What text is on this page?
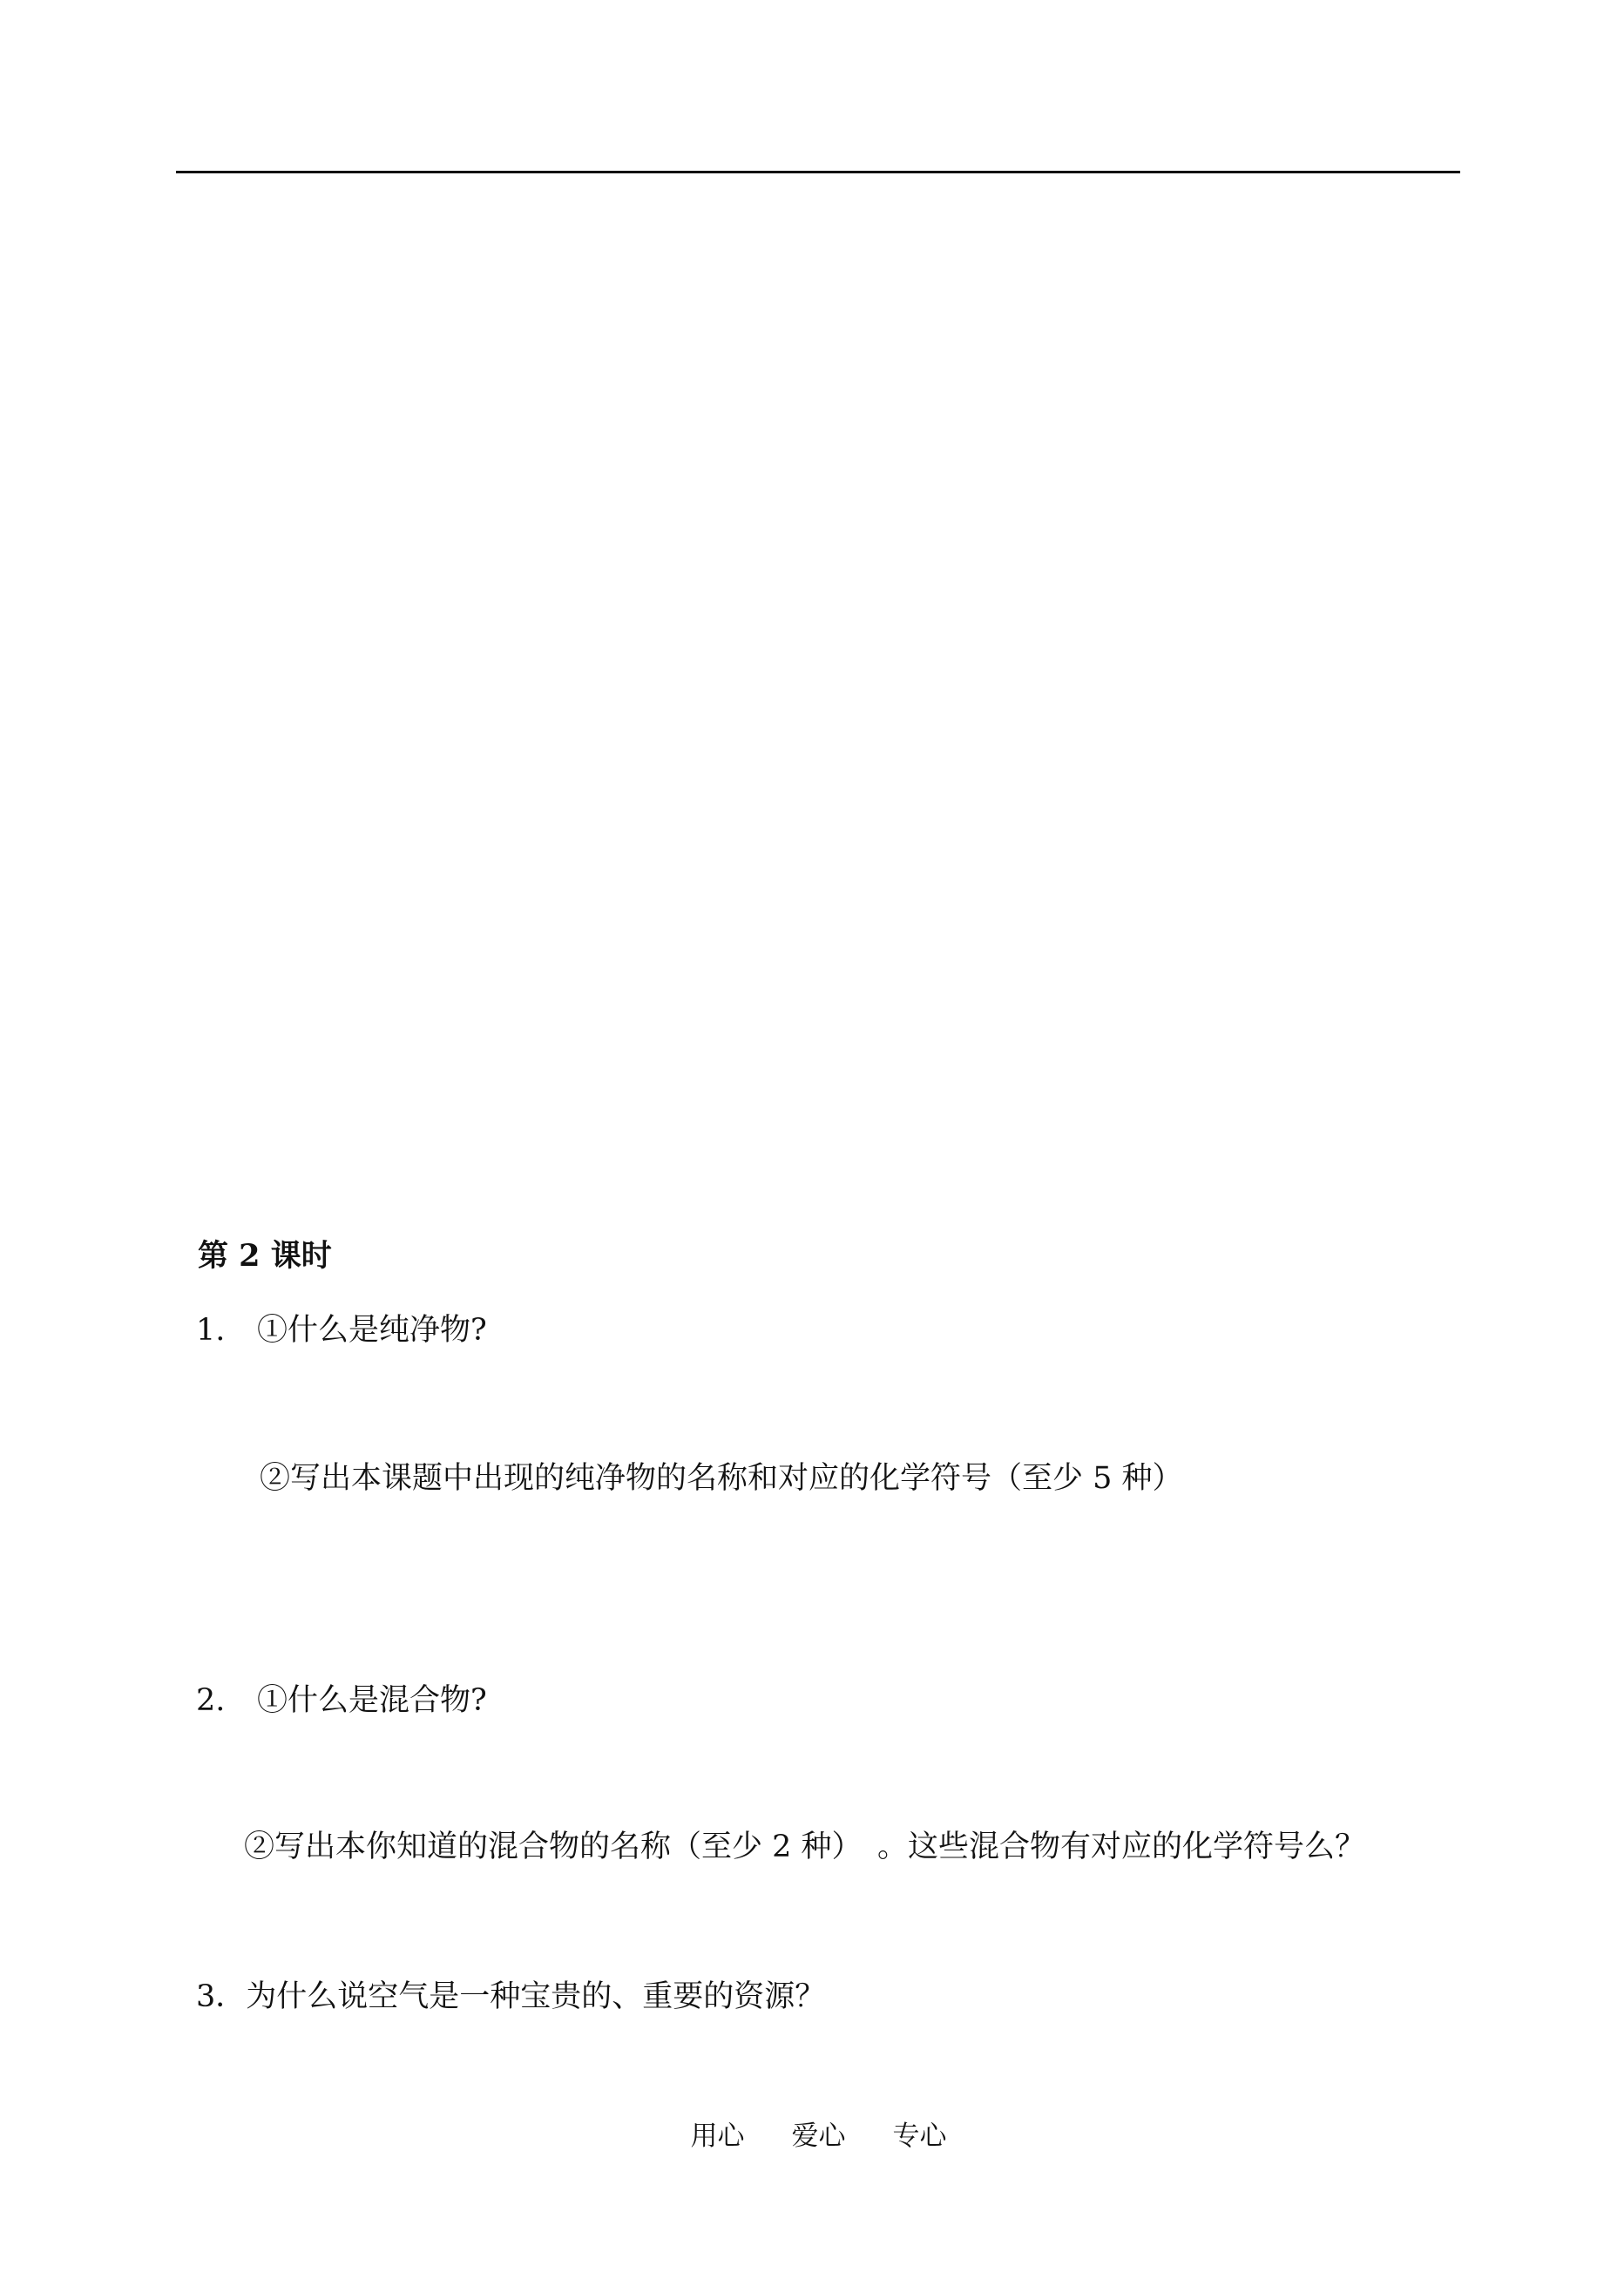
第 2 课时
1. ①什么是纯净物?
②写出本课题中出现的纯净物的名称和对应的化学符号（至少 5 种）
2. ①什么是混合物?
②写出本你知道的混合物的名称（至少 2 种）　。这些混合物有对应的化学符号么？
3．为什么说空气是一种宝贵的、重要的资源？
用心 爱心 专心
